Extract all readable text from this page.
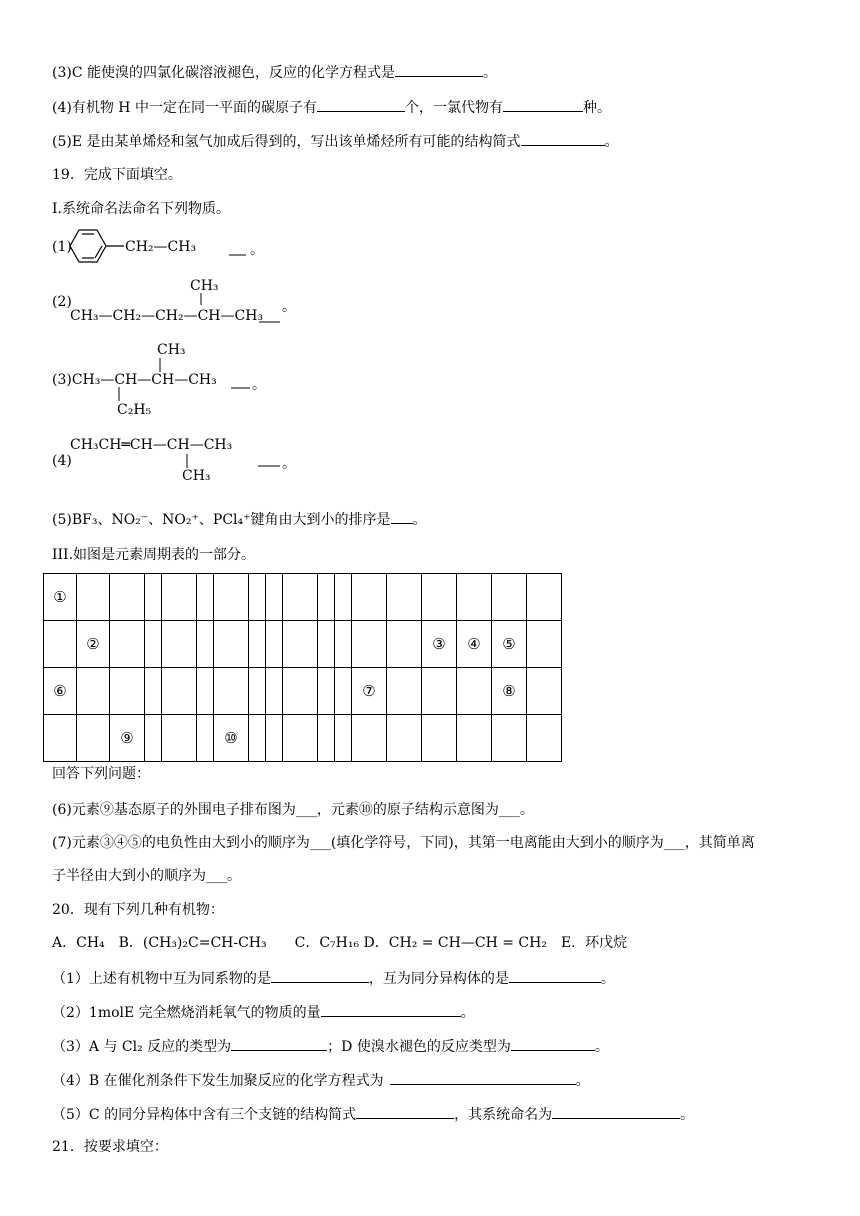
(3)C 能使溴的四氯化碳溶液褪色，反应的化学方程式是	。
(4)有机物 H 中一定在同一平面的碳原子有	个，一氯代物有	种。
(5)E 是由某单烯烃和氢气加成后得到的，写出该单烯烃所有可能的结构简式	。
19．完成下面填空。
I.系统命名法命名下列物质。
(1)	CH₂—CH₃	。
(2)
CH₃
CH₃—CH₂—CH₂—CH—CH₃
。
CH₃
(3)CH₃—CH—CH—CH₃
C₂H₅
。
CH₃CH═CH—CH—CH₃
(4)
CH₃
。
(5)BF₃、NO₂⁻、NO₂⁺、PCl₄⁺键角由大到小的排序是 。
III.如图是元素周期表的一部分。
①																	
	②													③	④	⑤	
⑥												⑦				⑧	
		⑨				⑩											
回答下列问题：
(6)元素⑨基态原子的外围电子排布图为___，元素⑩的原子结构示意图为___。
(7)元素③④⑤的电负性由大到小的顺序为___(填化学符号，下同)，其第一电离能由大到小的顺序为___，其简单离
子半径由大到小的顺序为___。
20．现有下列几种有机物：
A．CH₄　B．(CH₃)₂C=CH-CH₃　　C．C₇H₁₆ D．CH₂ = CH—CH = CH₂　E．环戊烷
（1）上述有机物中互为同系物的是	，互为同分异构体的是	。
（2）1molE 完全燃烧消耗氧气的物质的量	。
（3）A 与 Cl₂ 反应的类型为	；D 使溴水褪色的反应类型为	。
（4）B 在催化剂条件下发生加聚反应的化学方程式为	。
（5）C 的同分异构体中含有三个支链的结构简式	，其系统命名为	。
21．按要求填空：
